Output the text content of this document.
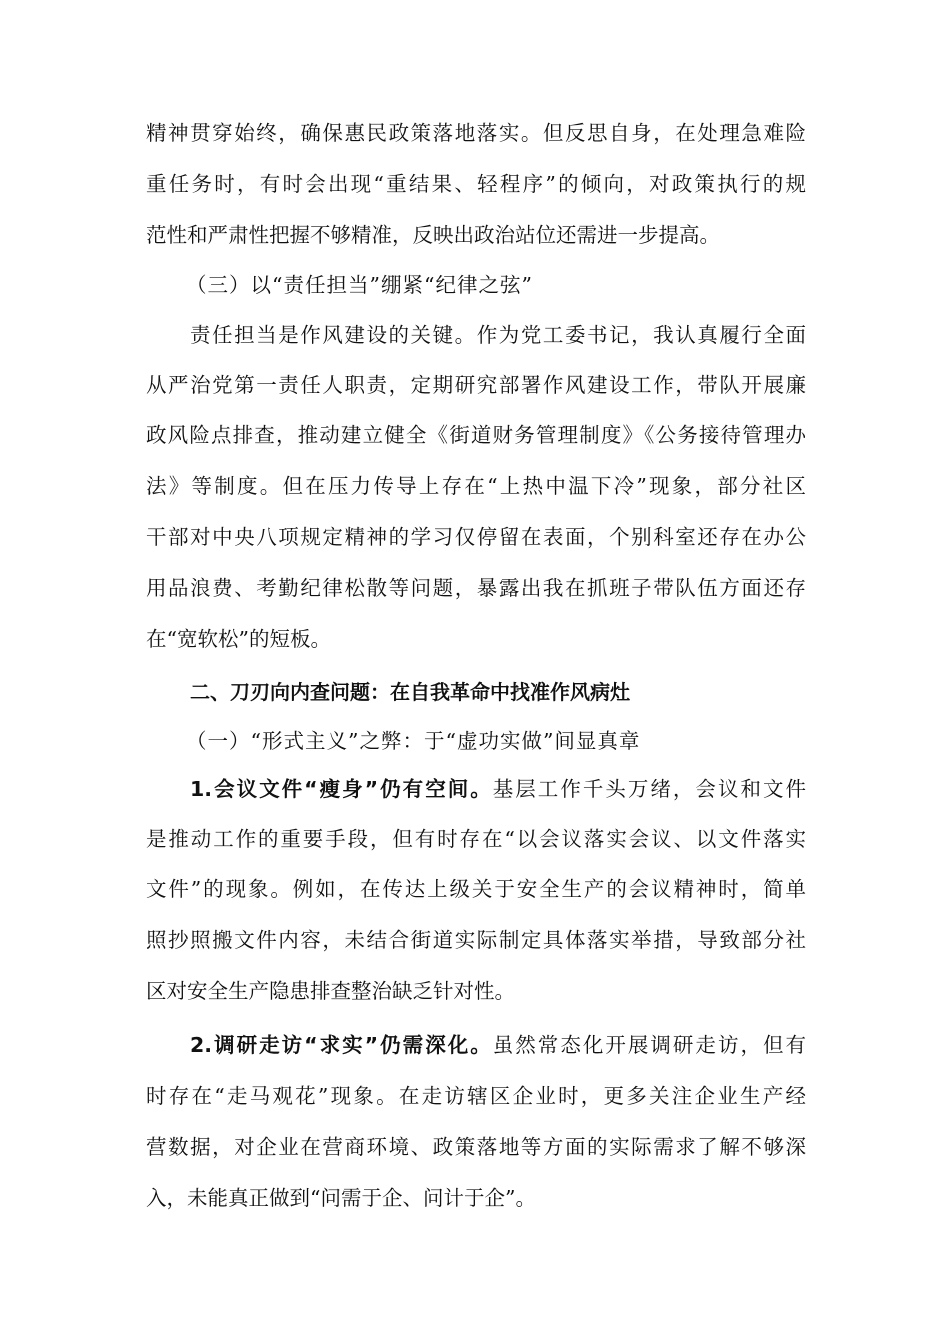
精神贯穿始终，确保惠民政策落地落实。但反思自身，在处理急难险
重任务时，有时会出现“重结果、轻程序”的倾向，对政策执行的规
范性和严肃性把握不够精准，反映出政治站位还需进一步提高。
（三）以“责任担当”绷紧“纪律之弦”
责任担当是作风建设的关键。作为党工委书记，我认真履行全面
从严治党第一责任人职责，定期研究部署作风建设工作，带队开展廉
政风险点排查，推动建立健全《街道财务管理制度》《公务接待管理办
法》等制度。但在压力传导上存在“上热中温下冷”现象，部分社区
干部对中央八项规定精神的学习仅停留在表面，个别科室还存在办公
用品浪费、考勤纪律松散等问题，暴露出我在抓班子带队伍方面还存
在“宽软松”的短板。
二、刀刃向内查问题：在自我革命中找准作风病灶
（一）“形式主义”之弊：于“虚功实做”间显真章
1.会议文件“瘦身”仍有空间。基层工作千头万绪，会议和文件
是推动工作的重要手段，但有时存在“以会议落实会议、以文件落实
文件”的现象。例如，在传达上级关于安全生产的会议精神时，简单
照抄照搬文件内容，未结合街道实际制定具体落实举措，导致部分社
区对安全生产隐患排查整治缺乏针对性。
2.调研走访“求实”仍需深化。虽然常态化开展调研走访，但有
时存在“走马观花”现象。在走访辖区企业时，更多关注企业生产经
营数据，对企业在营商环境、政策落地等方面的实际需求了解不够深
入，未能真正做到“问需于企、问计于企”。
